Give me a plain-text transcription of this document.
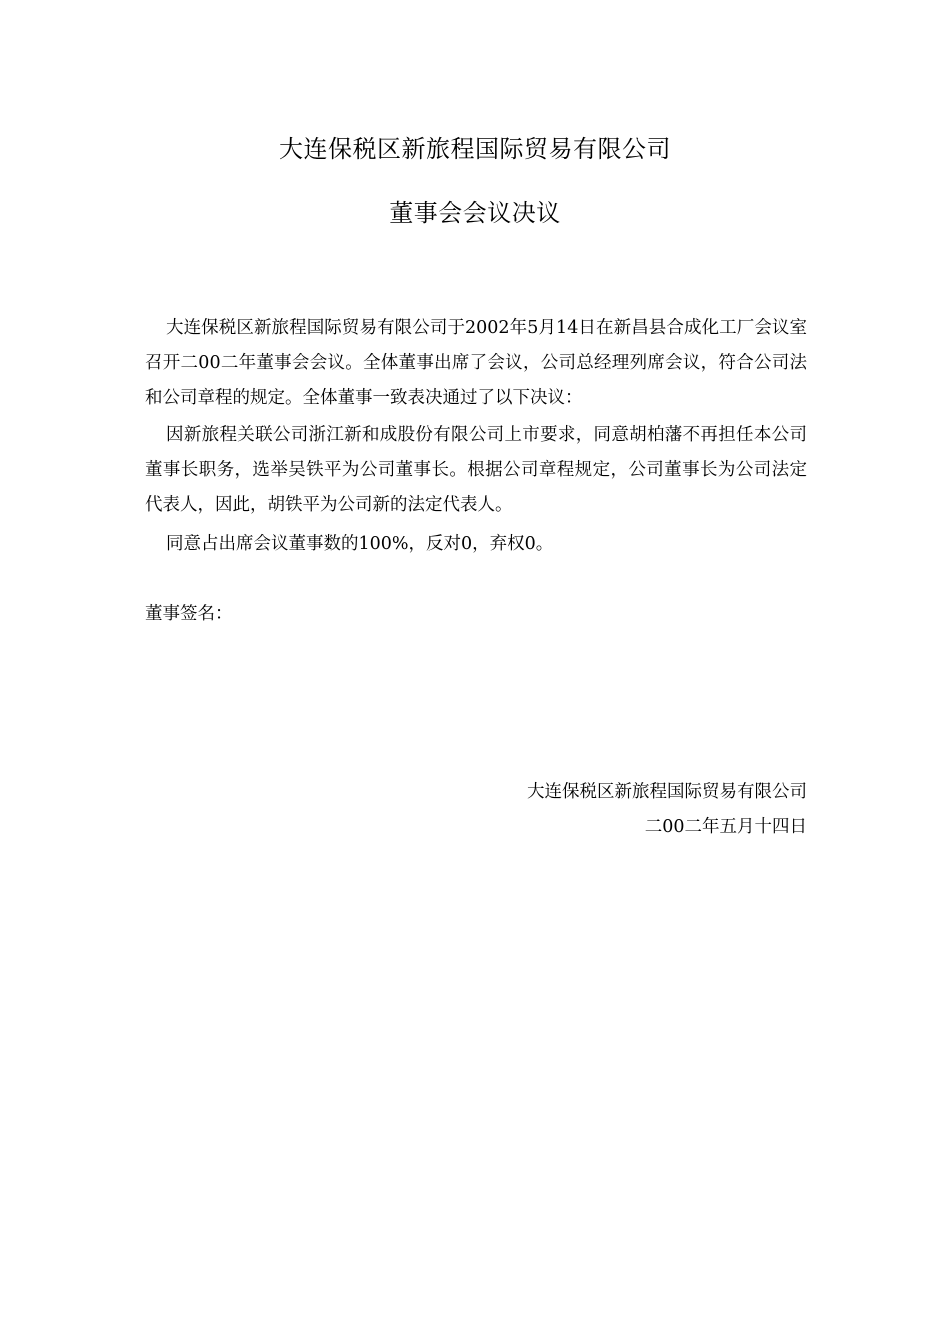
大连保税区新旅程国际贸易有限公司
董事会会议决议
大连保税区新旅程国际贸易有限公司于2002年5月14日在新昌县合成化工厂会议室召开二00二年董事会会议。全体董事出席了会议，公司总经理列席会议，符合公司法和公司章程的规定。全体董事一致表决通过了以下决议：
因新旅程关联公司浙江新和成股份有限公司上市要求，同意胡柏藩不再担任本公司董事长职务，选举吴铁平为公司董事长。根据公司章程规定，公司董事长为公司法定代表人，因此，胡铁平为公司新的法定代表人。
同意占出席会议董事数的100%，反对0，弃权0。
董事签名：
大连保税区新旅程国际贸易有限公司
二00二年五月十四日
